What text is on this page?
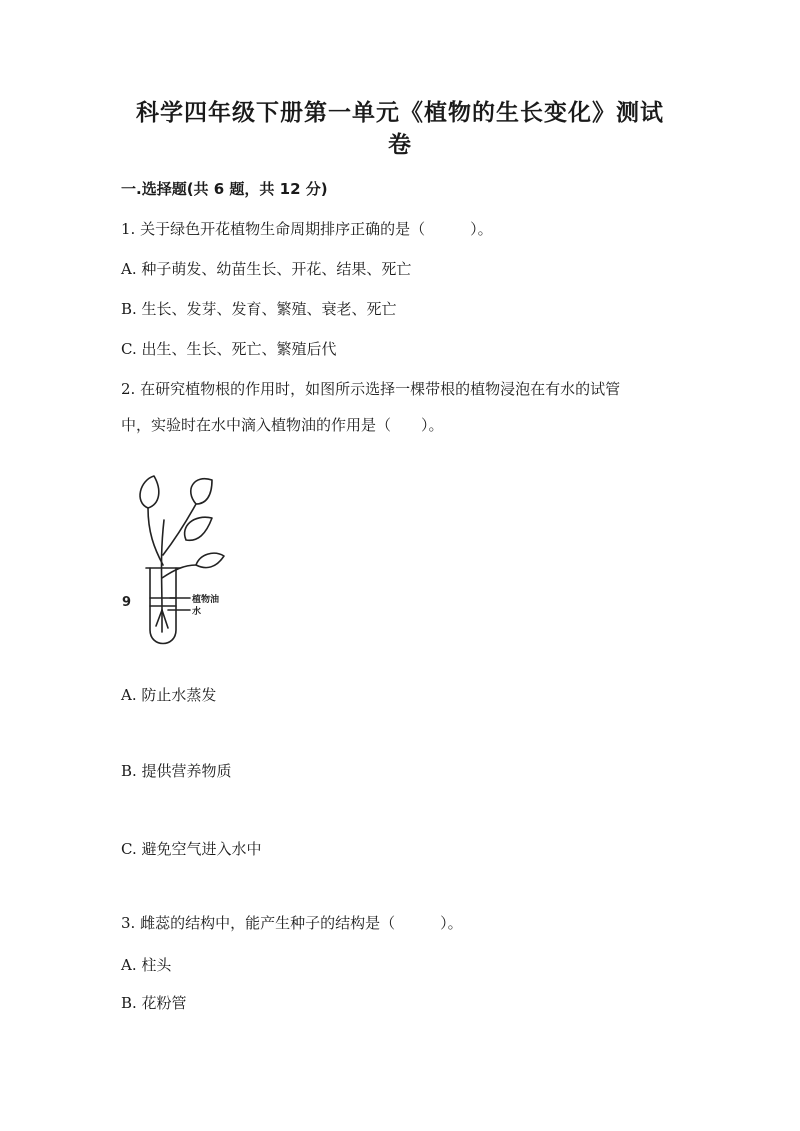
科学四年级下册第一单元《植物的生长变化》测试
卷
一.选择题(共 6 题，共 12 分)
1. 关于绿色开花植物生命周期排序正确的是（　　　）。
A. 种子萌发、幼苗生长、开花、结果、死亡
B. 生长、发芽、发育、繁殖、衰老、死亡
C. 出生、生长、死亡、繁殖后代
2. 在研究植物根的作用时，如图所示选择一棵带根的植物浸泡在有水的试管
中，实验时在水中滴入植物油的作用是（　　）。
9	植物油
水
A. 防止水蒸发
B. 提供营养物质
C. 避免空气进入水中
3. 雌蕊的结构中，能产生种子的结构是（　　　）。
A. 柱头
B. 花粉管
